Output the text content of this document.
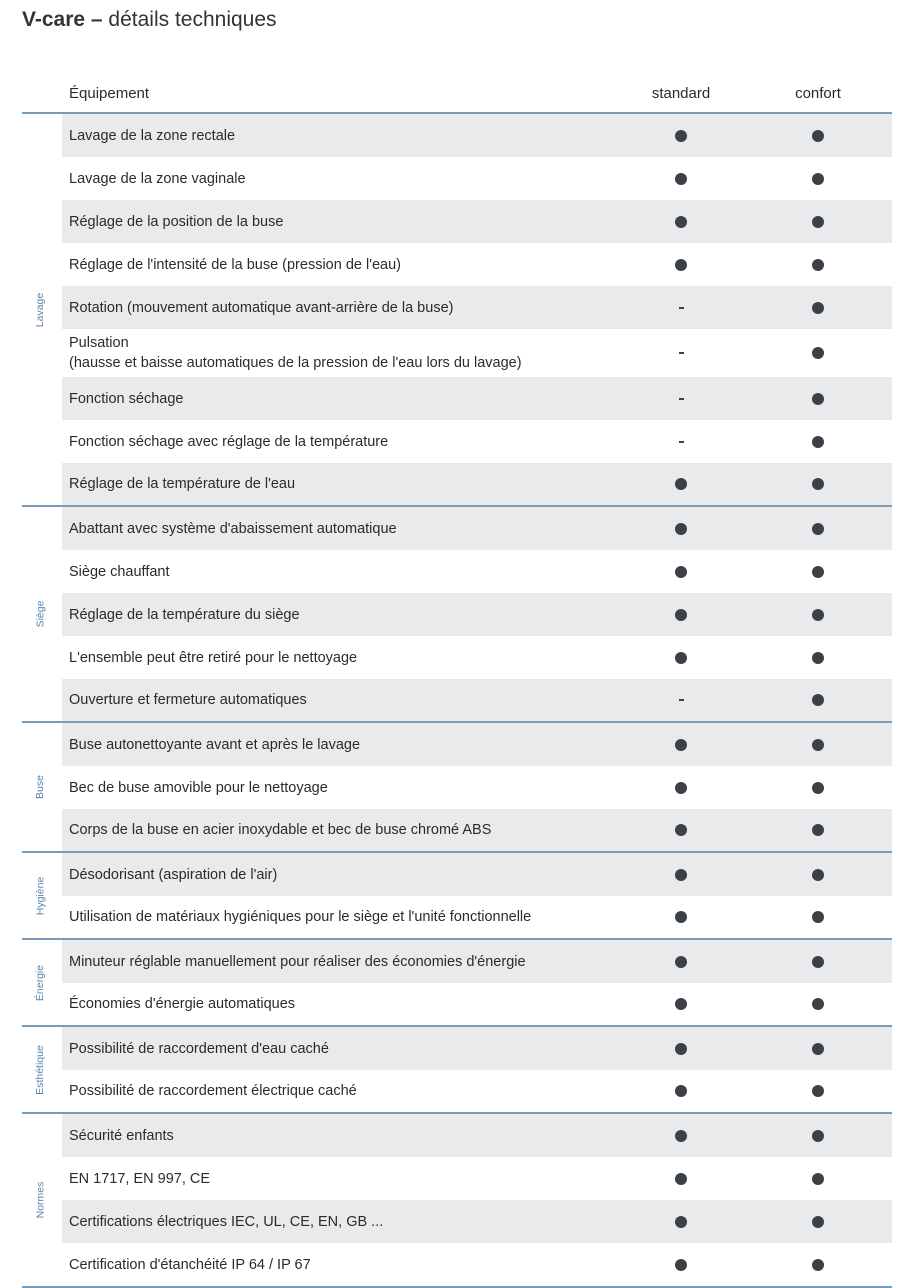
V-care – détails techniques
Équipement	standard	confort
Lavage
Lavage de la zone rectale
Lavage de la zone vaginale
Réglage de la position de la buse
Réglage de l'intensité de la buse (pression de l'eau)
Rotation (mouvement automatique avant-arrière de la buse)
Pulsation
(hausse et baisse automatiques de la pression de l'eau lors du lavage)
Fonction séchage
Fonction séchage avec réglage de la température
Réglage de la température de l'eau
Siège
Abattant avec système d'abaissement automatique
Siège chauffant
Réglage de la température du siège
L'ensemble peut être retiré pour le nettoyage
Ouverture et fermeture automatiques
Buse
Buse autonettoyante avant et après le lavage
Bec de buse amovible pour le nettoyage
Corps de la buse en acier inoxydable et bec de buse chromé ABS
Hygiène
Désodorisant (aspiration de l'air)
Utilisation de matériaux hygiéniques pour le siège et l'unité fonctionnelle
Énergie
Minuteur réglable manuellement pour réaliser des économies d'énergie
Économies d'énergie automatiques
Esthétique Possibilité de raccordement d'eau caché
Possibilité de raccordement électrique caché
Normes
Sécurité enfants
EN 1717, EN 997, CE
Certifications électriques IEC, UL, CE, EN, GB ...
Certification d'étanchéité IP 64 / IP 67
